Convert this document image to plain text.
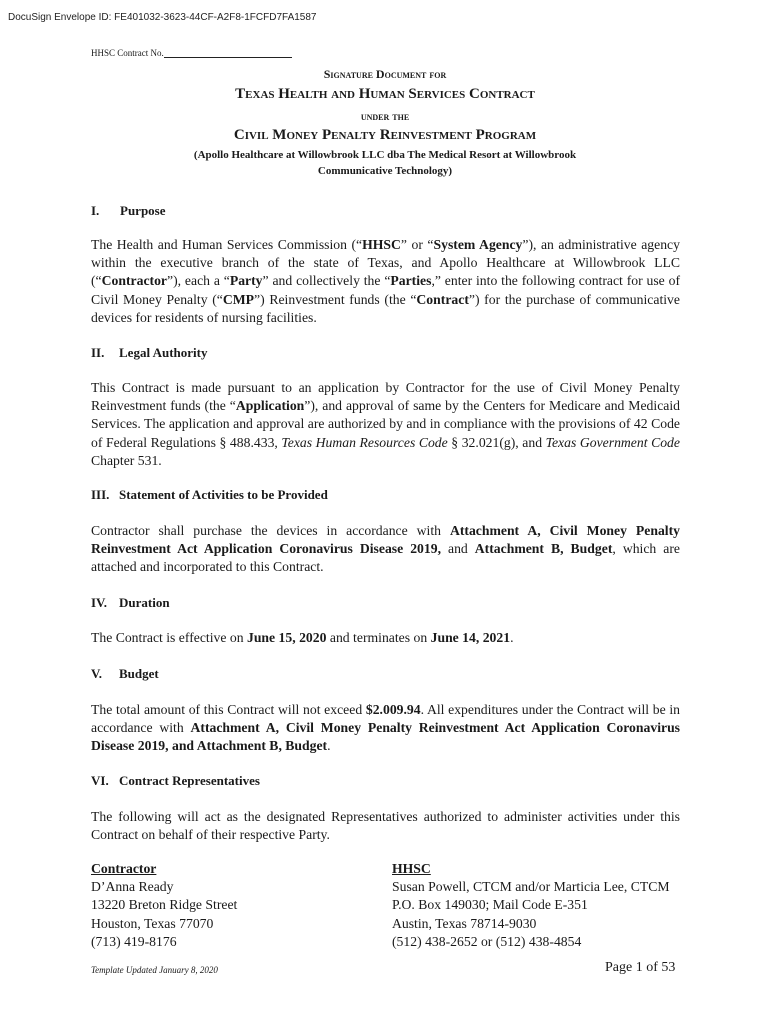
DocuSign Envelope ID: FE401032-3623-44CF-A2F8-1FCFD7FA1587
HHSC Contract No.
Signature Document for
Texas Health and Human Services Contract
under the
Civil Money Penalty Reinvestment Program
(Apollo Healthcare at Willowbrook LLC dba The Medical Resort at Willowbrook
Communicative Technology)
I. Purpose
The Health and Human Services Commission (“HHSC” or “System Agency”), an administrative agency within the executive branch of the state of Texas, and Apollo Healthcare at Willowbrook LLC (“Contractor”), each a “Party” and collectively the “Parties,” enter into the following contract for use of Civil Money Penalty (“CMP”) Reinvestment funds (the “Contract”) for the purchase of communicative devices for residents of nursing facilities.
II. Legal Authority
This Contract is made pursuant to an application by Contractor for the use of Civil Money Penalty Reinvestment funds (the “Application”), and approval of same by the Centers for Medicare and Medicaid Services. The application and approval are authorized by and in compliance with the provisions of 42 Code of Federal Regulations § 488.433, Texas Human Resources Code § 32.021(g), and Texas Government Code Chapter 531.
III. Statement of Activities to be Provided
Contractor shall purchase the devices in accordance with Attachment A, Civil Money Penalty Reinvestment Act Application Coronavirus Disease 2019, and Attachment B, Budget, which are attached and incorporated to this Contract.
IV. Duration
The Contract is effective on June 15, 2020 and terminates on June 14, 2021.
V. Budget
The total amount of this Contract will not exceed $2.009.94. All expenditures under the Contract will be in accordance with Attachment A, Civil Money Penalty Reinvestment Act Application Coronavirus Disease 2019, and Attachment B, Budget.
VI. Contract Representatives
The following will act as the designated Representatives authorized to administer activities under this Contract on behalf of their respective Party.
Contractor
D’Anna Ready
13220 Breton Ridge Street
Houston, Texas 77070
(713) 419-8176
HHSC
Susan Powell, CTCM and/or Marticia Lee, CTCM
P.O. Box 149030; Mail Code E-351
Austin, Texas 78714-9030
(512) 438-2652 or (512) 438-4854
Template Updated January 8, 2020	Page 1 of 53
